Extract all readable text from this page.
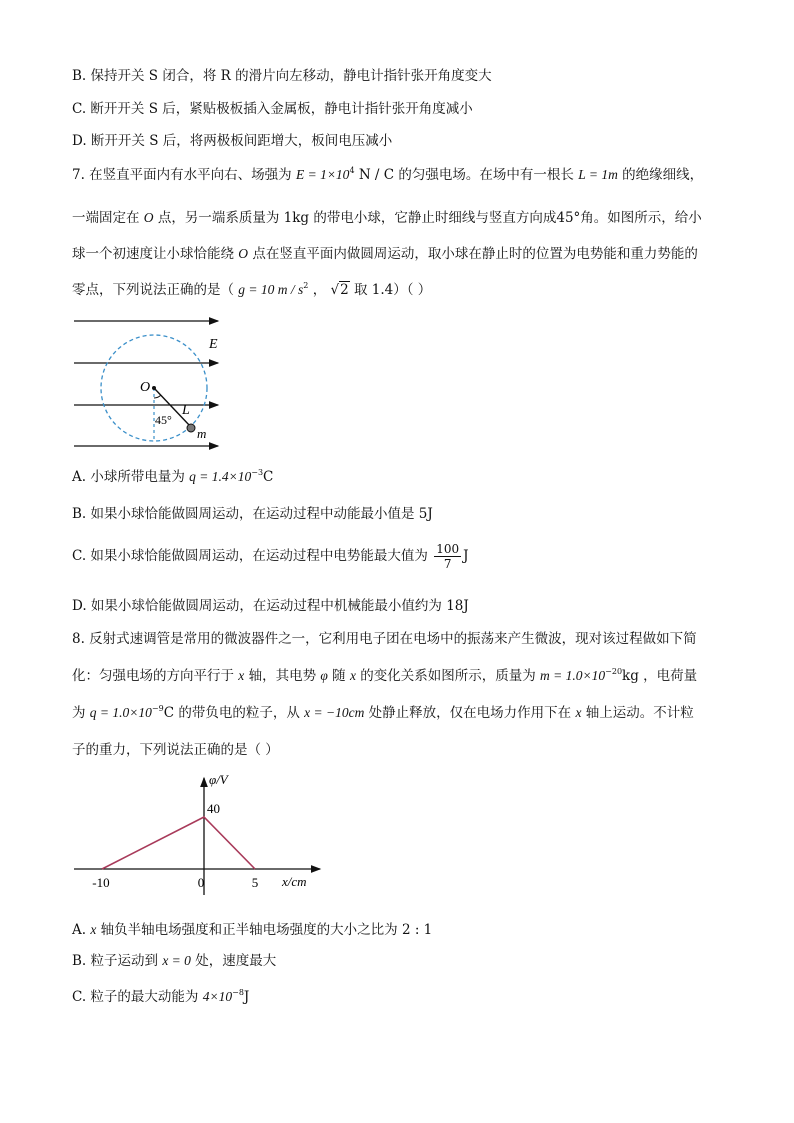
B. 保持开关 S 闭合，将 R 的滑片向左移动，静电计指针张开角度变大
C. 断开开关 S 后，紧贴极板插入金属板，静电计指针张开角度减小
D. 断开开关 S 后，将两极板间距增大，板间电压减小
7. 在竖直平面内有水平向右、场强为 $E = 1\times 10^4$ N / C 的匀强电场。在场中有一根长 L = 1m 的绝缘细线，
一端固定在 O 点，另一端系质量为 1kg 的带电小球，它静止时细线与竖直方向成45°角。如图所示，给小
球一个初速度让小球恰能绕 O 点在竖直平面内做圆周运动，取小球在静止时的位置为电势能和重力势能的
零点，下列说法正确的是（ g = 10 m / $s^2$ ， √2 取 1.4）（ ）
E
O
L
m
45°
A. 小球所带电量为 $q = 1.4\times 10^{-3}C$
B. 如果小球恰能做圆周运动，在运动过程中动能最小值是 5J
C. 如果小球恰能做圆周运动，在运动过程中电势能最大值为 $\frac{100}{7}$ J
D. 如果小球恰能做圆周运动，在运动过程中机械能最小值约为 18J
8. 反射式速调管是常用的微波器件之一，它利用电子团在电场中的振荡来产生微波，现对该过程做如下简
化：匀强电场的方向平行于 x 轴，其电势 φ 随 x 的变化关系如图所示，质量为 $m = 1.0\times 10^{-20}kg$ ，电荷量
为 $q = 1.0\times 10^{-9}C$ 的带负电的粒子，从 x = −10cm 处静止释放，仅在电场力作用下在 x 轴上运动。不计粒
子的重力，下列说法正确的是（ ）
φ/V
x/cm
-10	0	5
40
A. x 轴负半轴电场强度和正半轴电场强度的大小之比为 2 : 1
B. 粒子运动到 x = 0 处，速度最大
C. 粒子的最大动能为 $4\times 10^{-8}J$
